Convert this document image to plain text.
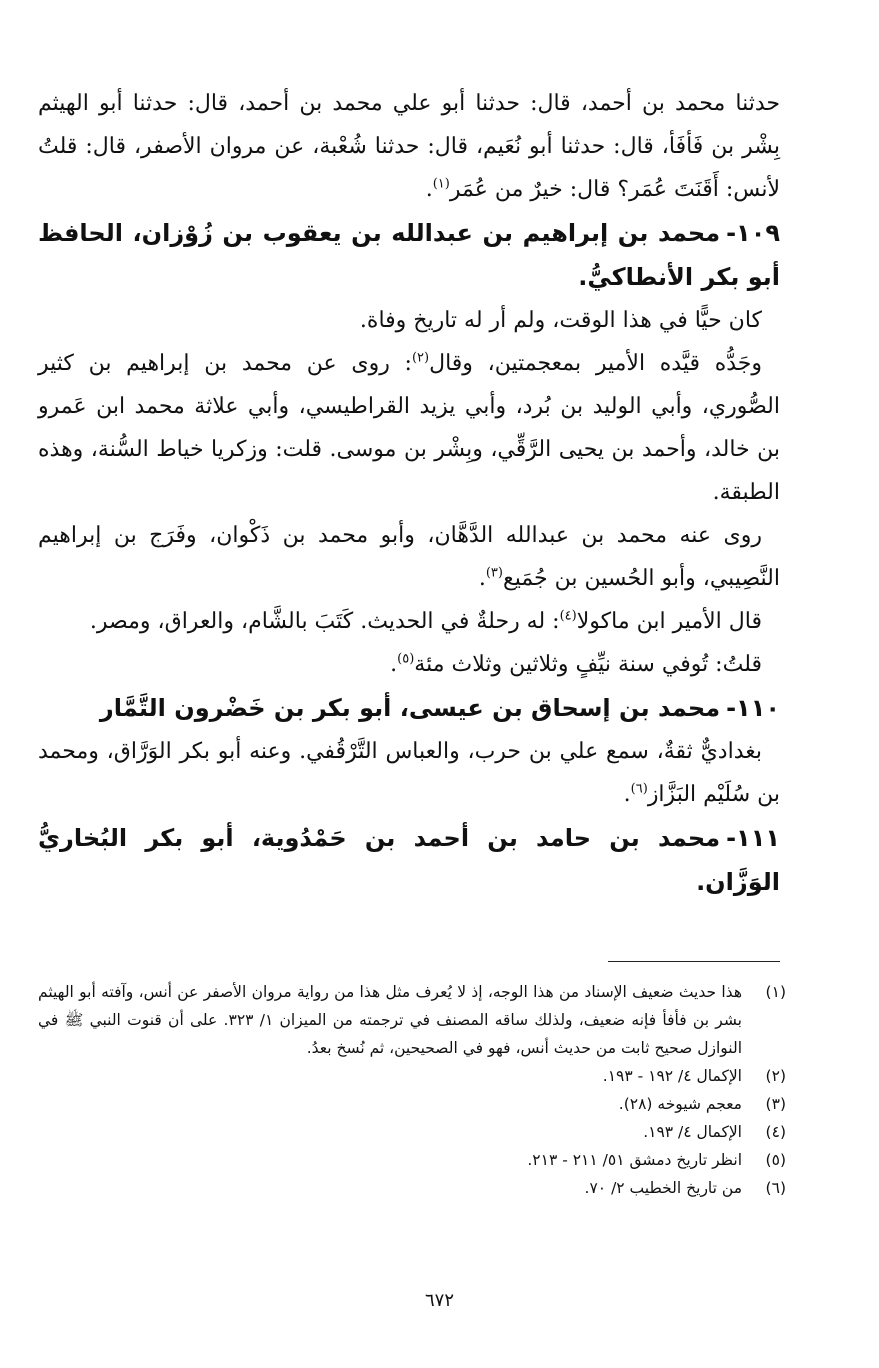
حدثنا محمد بن أحمد، قال: حدثنا أبو علي محمد بن أحمد، قال: حدثنا أبو الهيثم بِشْر بن فَأفَأ، قال: حدثنا أبو نُعَيم، قال: حدثنا شُعْبة، عن مروان الأصفر، قال: قلتُ لأنس: أَقَنَتَ عُمَر؟ قال: خيرٌ من عُمَر$^{(١)}$.

١٠٩-محمد بن إبراهيم بن عبدالله بن يعقوب بن زُوْزان، الحافظ أبو بكر الأنطاكيُّ.

كان حيًّا في هذا الوقت، ولم أر له تاريخ وفاة.

وجَدُّه قيَّده الأمير بمعجمتين، وقال$^{(٢)}$: روى عن محمد بن إبراهيم بن كثير الصُّوري، وأبي الوليد بن بُرد، وأبي يزيد القراطيسي، وأبي علاثة محمد ابن عَمرو بن خالد، وأحمد بن يحيى الرَّقِّي، وبِشْر بن موسى. قلت: وزكريا خياط السُّنة، وهذه الطبقة.

روى عنه محمد بن عبدالله الدَّهَّان، وأبو محمد بن ذَكْوان، وفَرَج بن إبراهيم النَّصِيبي، وأبو الحُسين بن جُمَيع$^{(٣)}$.

قال الأمير ابن ماكولا$^{(٤)}$: له رحلةٌ في الحديث. كَتَبَ بالشَّام، والعراق، ومصر.

قلتُ: تُوفي سنة نيِّفٍ وثلاثين وثلاث مئة$^{(٥)}$.

١١٠-محمد بن إسحاق بن عيسى، أبو بكر بن خَضْرون التَّمَّار

بغداديٌّ ثقةٌ، سمع علي بن حرب، والعباس التَّرْقُفي. وعنه أبو بكر الوَرَّاق، ومحمد بن سُلَيْم البَزَّاز$^{(٦)}$.

١١١-محمد بن حامد بن أحمد بن حَمْدُوية، أبو بكر البُخاريُّ الوَزَّان.

(١)
هذا حديث ضعيف الإسناد من هذا الوجه، إذ لا يُعرف مثل هذا من رواية مروان الأصفر عن أنس، وآفته أبو الهيثم بشر بن فأفأ فإنه ضعيف، ولذلك ساقه المصنف في ترجمته من الميزان ١/ ٣٢٣. على أن قنوت النبي ﷺ في النوازل صحيح ثابت من حديث أنس، فهو في الصحيحين، ثم نُسخ بعدُ.
(٢)
الإكمال ٤/ ١٩٢ - ١٩٣.
(٣)
معجم شيوخه (٢٨).
(٤)
الإكمال ٤/ ١٩٣.
(٥)
انظر تاريخ دمشق ٥١/ ٢١١ - ٢١٣.
(٦)
من تاريخ الخطيب ٢/ ٧٠.
٦٧٢
